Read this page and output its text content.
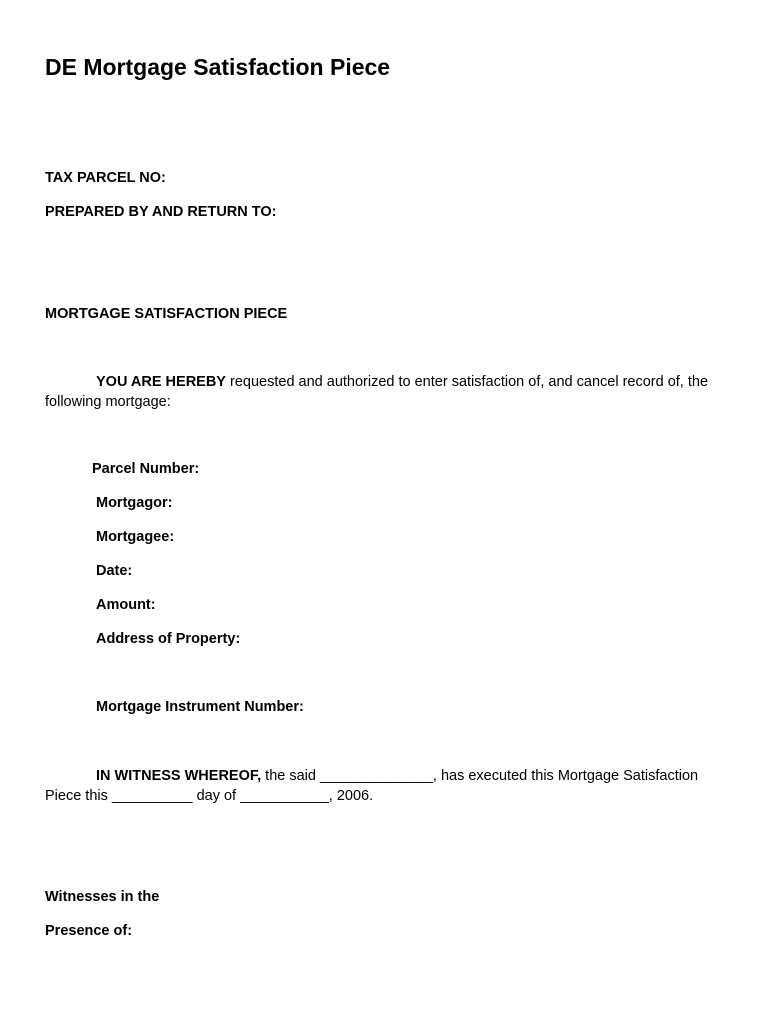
DE Mortgage Satisfaction Piece

TAX PARCEL NO:

PREPARED BY AND RETURN TO:

MORTGAGE SATISFACTION PIECE

YOU ARE HEREBY requested and authorized to enter satisfaction of, and cancel record of, the following mortgage:

Parcel Number:

Mortgagor:

Mortgagee:

Date:

Amount:

Address of Property:

Mortgage Instrument Number:

IN WITNESS WHEREOF, the said ______________, has executed this Mortgage Satisfaction Piece this __________ day of ___________, 2006.

Witnesses in the

Presence of:
